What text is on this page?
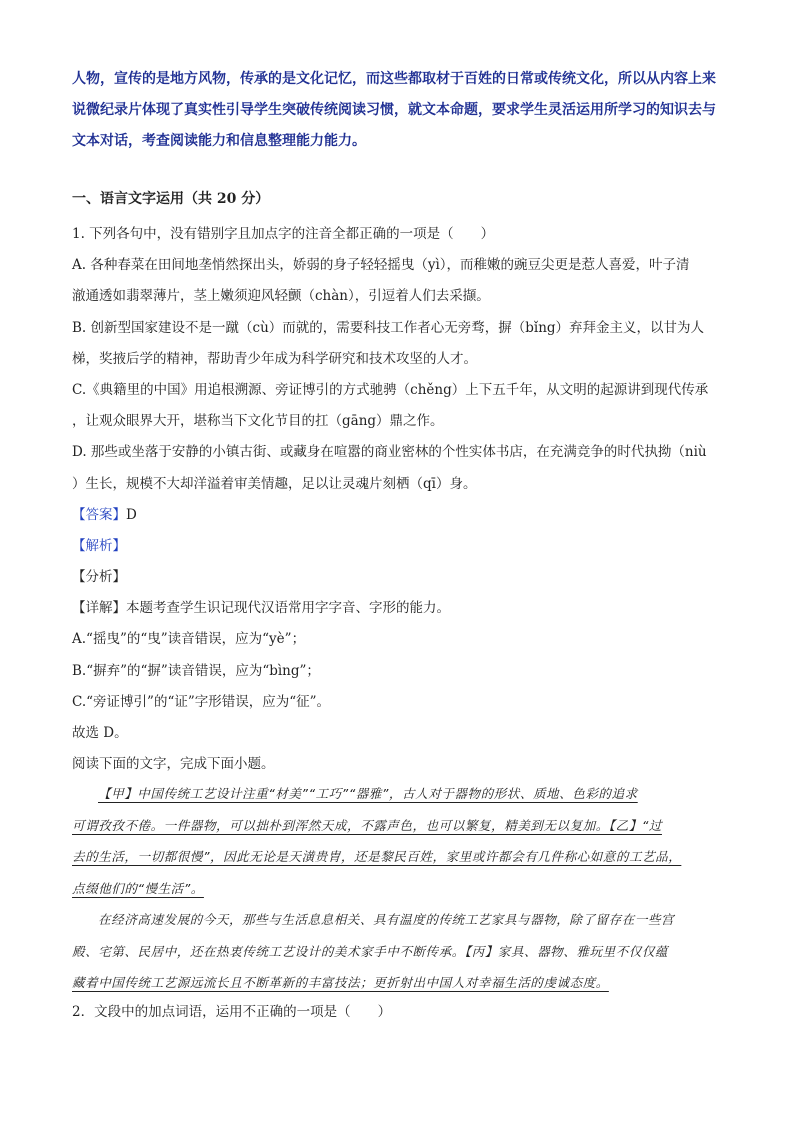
人物，宣传的是地方风物，传承的是文化记忆，而这些都取材于百姓的日常或传统文化，所以从内容上来
说微纪录片体现了真实性引导学生突破传统阅读习惯，就文本命题，要求学生灵活运用所学习的知识去与
文本对话，考查阅读能力和信息整理能力能力。
一、语言文字运用（共 20 分）
1. 下列各句中，没有错别字且加点字的注音全都正确的一项是（　　）
A. 各种春菜在田间地垄悄然探出头，娇弱的身子轻轻摇曳（yì），而稚嫩的豌豆尖更是惹人喜爱，叶子清
澈通透如翡翠薄片，茎上嫩须迎风轻颤（chàn），引逗着人们去采撷。
B. 创新型国家建设不是一蹴（cù）而就的，需要科技工作者心无旁骛，摒（bǐng）弃拜金主义，以甘为人
梯，奖掖后学的精神，帮助青少年成为科学研究和技术攻坚的人才。
C.《典籍里的中国》用追根溯源、旁证博引的方式驰骋（chěng）上下五千年，从文明的起源讲到现代传承
，让观众眼界大开，堪称当下文化节目的扛（gāng）鼎之作。
D. 那些或坐落于安静的小镇古街、或藏身在喧嚣的商业密林的个性实体书店，在充满竞争的时代执拗（niù
）生长，规模不大却洋溢着审美情趣，足以让灵魂片刻栖（qī）身。
【答案】D
【解析】
【分析】
【详解】本题考查学生识记现代汉语常用字字音、字形的能力。
A.“摇曳”的“曳”读音错误，应为“yè”；
B.“摒弃”的“摒”读音错误，应为“bìng”；
C.“旁证博引”的“证”字形错误，应为“征”。
故选 D。
阅读下面的文字，完成下面小题。
【甲】中国传统工艺设计注重“材美”“工巧”“器雅”，古人对于器物的形状、质地、色彩的追求
可谓孜孜不倦。一件器物，可以拙朴到浑然天成，不露声色，也可以繁复，精美到无以复加。【乙】“过
去的生活，一切都很慢”，因此无论是天潢贵胄，还是黎民百姓，家里或许都会有几件称心如意的工艺品，
点缀他们的“慢生活”。
在经济高速发展的今天，那些与生活息息相关、具有温度的传统工艺家具与器物，除了留存在一些宫
殿、宅第、民居中，还在热衷传统工艺设计的美术家手中不断传承。【丙】家具、器物、雅玩里不仅仅蕴
藏着中国传统工艺源远流长且不断革新的丰富技法；更折射出中国人对幸福生活的虔诚态度。
2．文段中的加点词语，运用不正确的一项是（　　）
